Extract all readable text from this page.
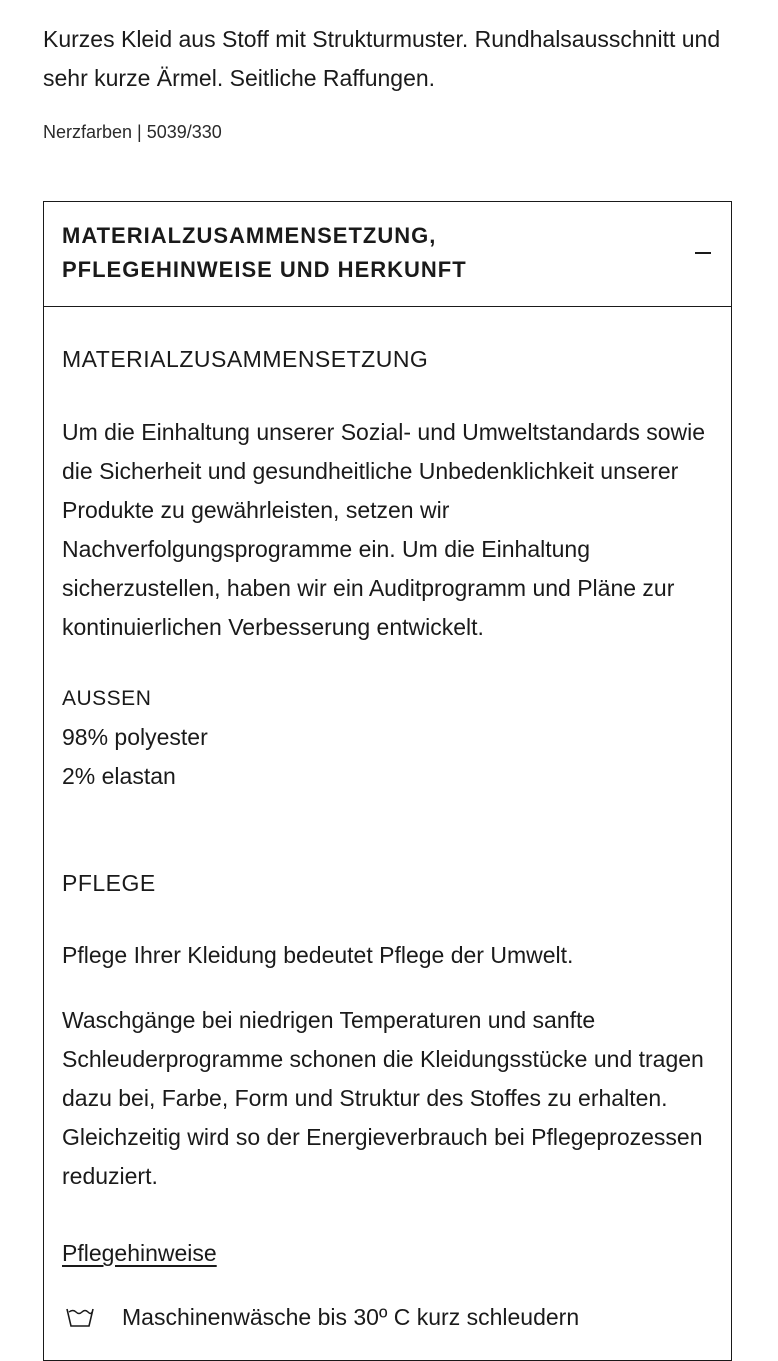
Kurzes Kleid aus Stoff mit Strukturmuster. Rundhalsausschnitt und sehr kurze Ärmel. Seitliche Raffungen.

Nerzfarben | 5039/330

MATERIALZUSAMMENSETZUNG,
PFLEGEHINWEISE UND HERKUNFT

MATERIALZUSAMMENSETZUNG

Um die Einhaltung unserer Sozial- und Umweltstandards sowie die Sicherheit und gesundheitliche Unbedenklichkeit unserer Produkte zu gewährleisten, setzen wir Nachverfolgungsprogramme ein. Um die Einhaltung sicherzustellen, haben wir ein Auditprogramm und Pläne zur kontinuierlichen Verbesserung entwickelt.

AUSSEN

98% polyester

2% elastan

PFLEGE

Pflege Ihrer Kleidung bedeutet Pflege der Umwelt.

Waschgänge bei niedrigen Temperaturen und sanfte Schleuderprogramme schonen die Kleidungsstücke und tragen dazu bei, Farbe, Form und Struktur des Stoffes zu erhalten. Gleichzeitig wird so der Energieverbrauch bei Pflegeprozessen reduziert.

Pflegehinweise

Maschinenwäsche bis 30º C kurz schleudern
